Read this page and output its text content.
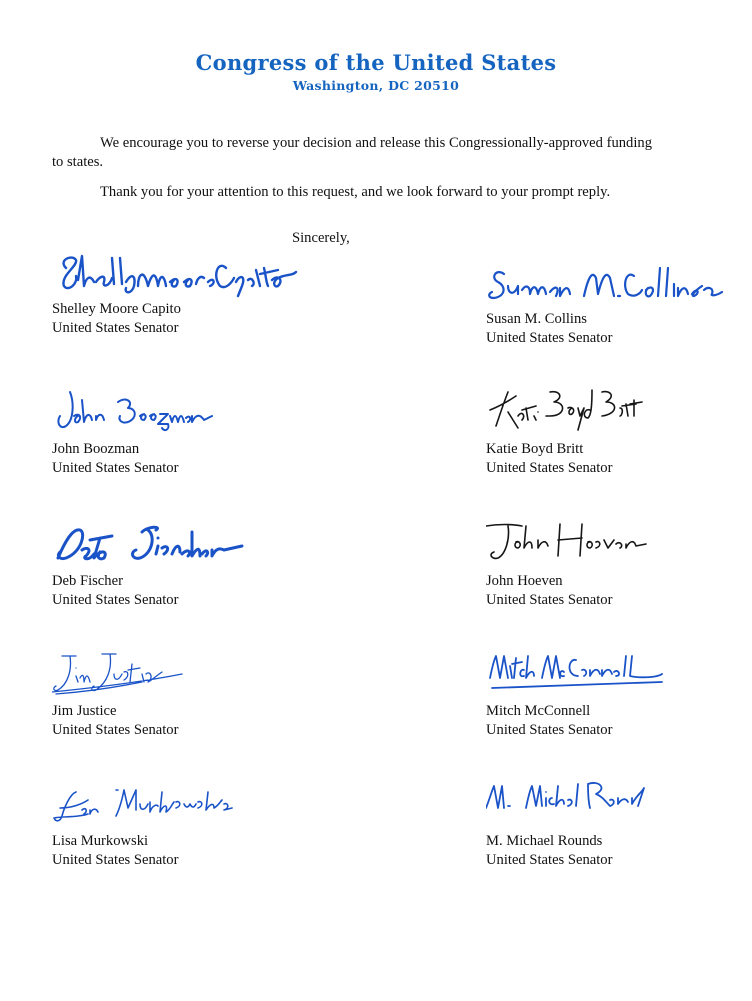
Congress of the United States
Washington, DC 20510
We encourage you to reverse your decision and release this Congressionally-approved funding to states.
Thank you for your attention to this request, and we look forward to your prompt reply.
Sincerely,
Shelley Moore Capito
United States Senator
Susan M. Collins
United States Senator
John Boozman
United States Senator
Katie Boyd Britt
United States Senator
Deb Fischer
United States Senator
John Hoeven
United States Senator
Jim Justice
United States Senator
Mitch McConnell
United States Senator
Lisa Murkowski
United States Senator
M. Michael Rounds
United States Senator
